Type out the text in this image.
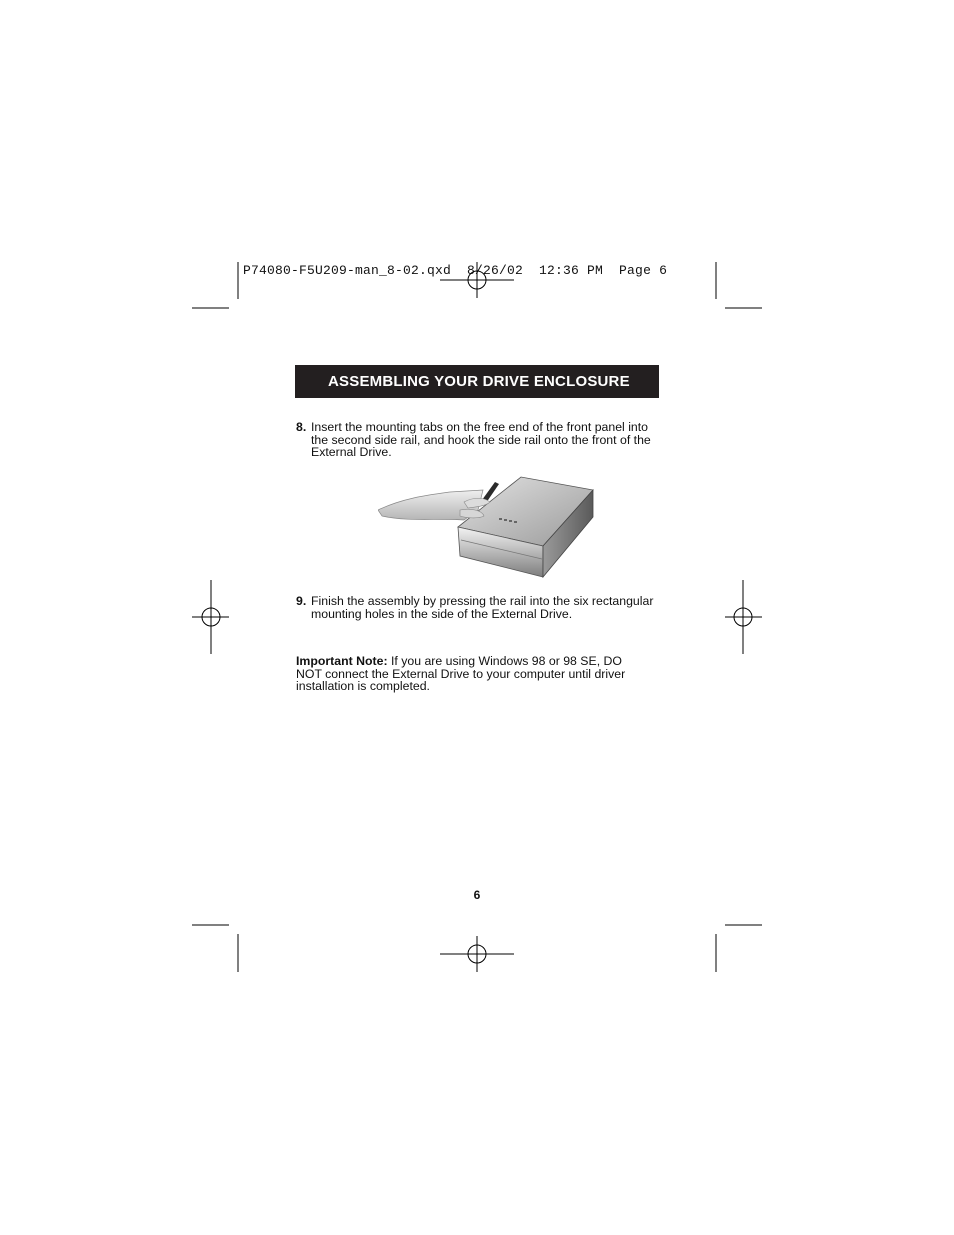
P74080-F5U209-man_8-02.qxd  8/26/02  12:36 PM  Page 6
ASSEMBLING YOUR DRIVE ENCLOSURE
8. Insert the mounting tabs on the free end of the front panel into the second side rail, and hook the side rail onto the front of the External Drive.
9. Finish the assembly by pressing the rail into the six rectangular mounting holes in the side of the External Drive.
Important Note: If you are using Windows 98 or 98 SE, DO NOT connect the External Drive to your computer until driver installation is completed.
6
